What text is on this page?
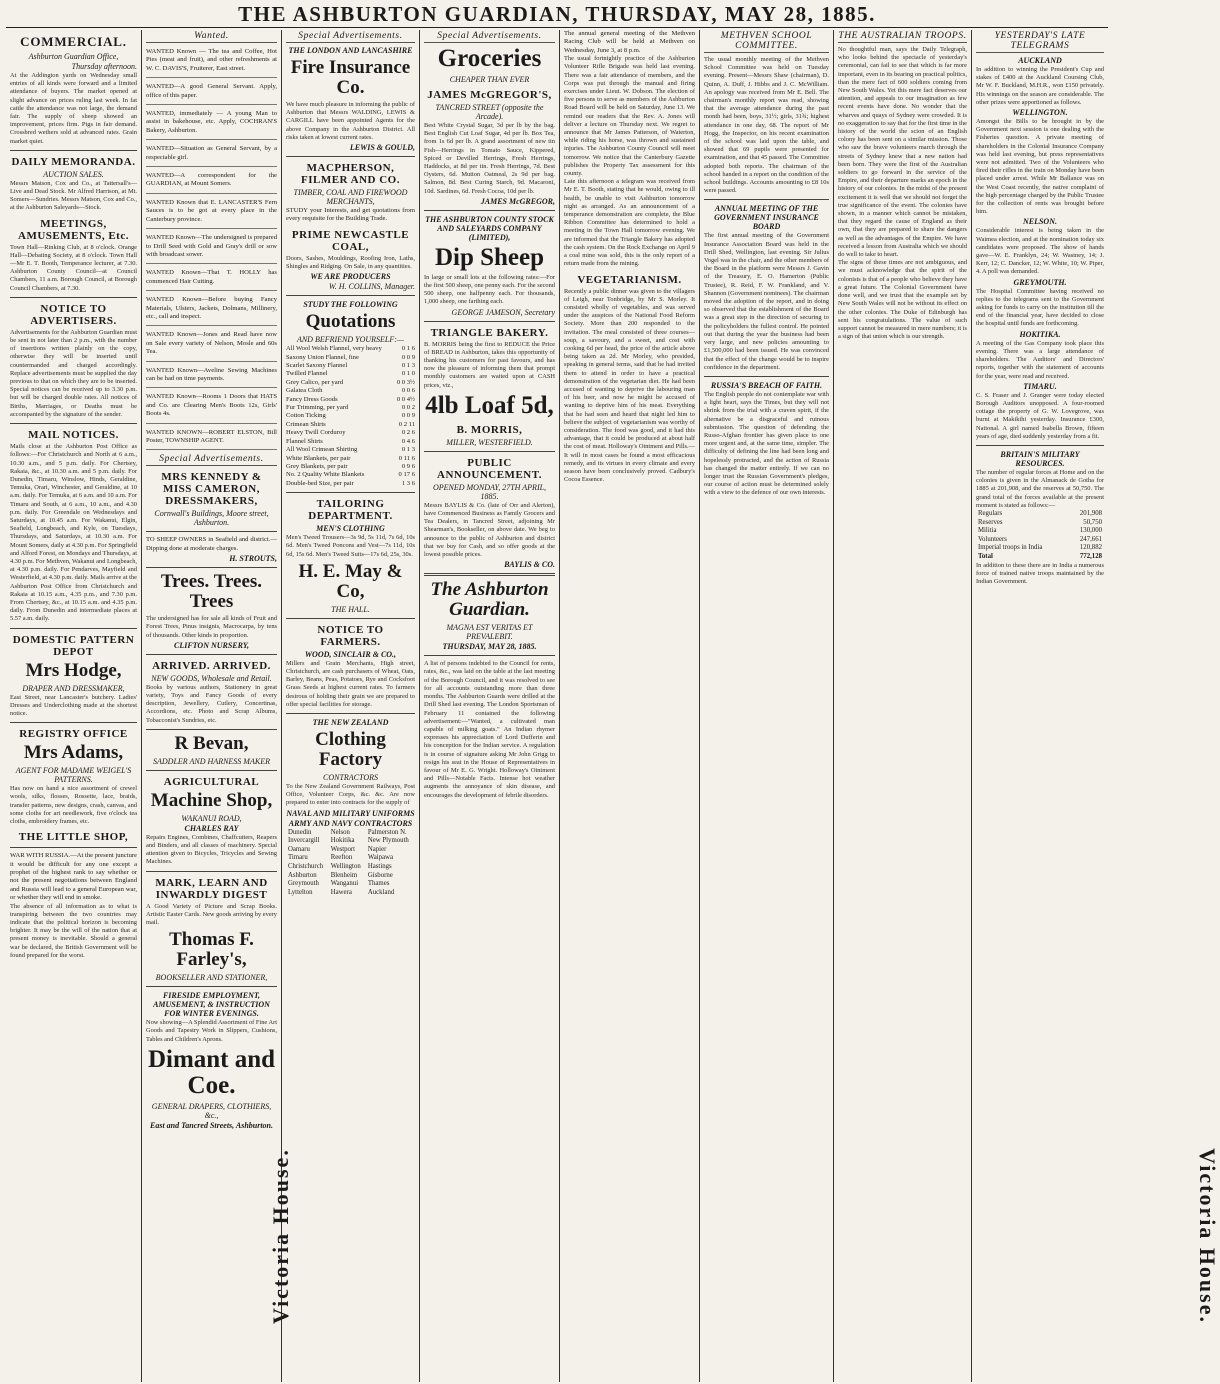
THE ASHBURTON GUARDIAN, THURSDAY, MAY 28, 1885.
COMMERCIAL.
Ashburton Guardian Office,
Thursday afternoon.
At the Addington yards on Wednesday small entries of all kinds were forward and a limited attendance of buyers. The market opened at slight advance on prices ruling last week. In fat cattle the attendance was not large, the demand fair. The supply of sheep showed an improvement, prices firm. Pigs in fair demand. Crossbred wethers sold at advanced rates. Grain market quiet.
DAILY MEMORANDA.
AUCTION SALES.
Messrs Matson, Cox and Co., at Tattersall's—Live and Dead Stock. Mr Alfred Harrison, at Mt. Somers—Sundries. Messrs Matson, Cox and Co., at the Ashburton Saleyards—Stock.
MEETINGS, AMUSEMENTS, Etc.
Town Hall—Rinking Club, at 8 o'clock. Orange Hall—Debating Society, at 8 o'clock. Town Hall—Mr E. T. Booth, Temperance lecturer, at 7.30. Ashburton County Council—at Council Chambers, 11 a.m. Borough Council, at Borough Council Chambers, at 7.30.
NOTICE TO ADVERTISERS.
Advertisements for the Ashburton Guardian must be sent in not later than 2 p.m., with the number of insertions written plainly on the copy, otherwise they will be inserted until countermanded and charged accordingly. Replace advertisements must be supplied the day previous to that on which they are to be inserted. Special notices can be received up to 3.30 p.m. but will be charged double rates. All notices of Births, Marriages, or Deaths must be accompanied by the signature of the sender.
MAIL NOTICES.
Mails close at the Ashburton Post Office as follows:—For Christchurch and North at 6 a.m., 10.30 a.m., and 5 p.m. daily. For Chertsey, Rakaia, &c., at 10.30 a.m. and 5 p.m. daily. For Dunedin, Timaru, Winslow, Hinds, Geraldine, Temuka, Orari, Winchester, and Geraldine, at 10 a.m. daily. For Temuka, at 6 a.m. and 10 a.m. For Timaru and South, at 6 a.m., 10 a.m., and 4.30 p.m. daily. For Greendale on Wednesdays and Saturdays, at 10.45 a.m. For Wakanui, Elgin, Seafield, Longbeach, and Kyle, on Tuesdays, Thursdays, and Saturdays, at 10.30 a.m. For Mount Somers, daily at 4.30 p.m. For Springfield and Alford Forest, on Mondays and Thursdays, at 4.30 p.m. For Methven, Wakanui and Longbeach, at 4.30 p.m. daily. For Pendarves, Mayfield and Westerfield, at 4.30 p.m. daily. Mails arrive at the Ashburton Post Office from Christchurch and Rakaia at 10.15 a.m., 4.35 p.m., and 7.30 p.m. From Chertsey, &c., at 10.15 a.m. and 4.35 p.m. daily. From Dunedin and intermediate places at 5.57 a.m. daily.
DOMESTIC PATTERN DEPOT
Mrs Hodge,
DRAPER AND DRESSMAKER,
East Street, near Lancaster's butchery. Ladies' Dresses and Underclothing made at the shortest notice.
REGISTRY OFFICE
Mrs Adams,
AGENT FOR MADAME WEIGEL'S PATTERNS.
Has now on hand a nice assortment of crewel wools, silks, flosses, Rossette, lace, braids, transfer patterns, new designs, crash, canvas, and some cloths for art needlework, five o'clock tea cloths, embroidery frames, etc.
THE LITTLE SHOP,
WAR WITH RUSSIA.—At the present juncture it would be difficult for any one except a prophet of the highest rank to say whether or not the present negotiations between England and Russia will lead to a general European war, or whether they will end in smoke.
The absence of all information as to what is transpiring between the two countries may indicate that the political horizon is becoming brighter. It may be the will of the nation that at present money is inevitable. Should a general war be declared, the British Government will be found prepared for the worst.
Wanted.
WANTED Known — The tea and Coffee, Hot Pies (meat and fruit), and other refreshments at W. C. DAVIS'S, Fruiterer, East street.
WANTED—A good General Servant. Apply, office of this paper.
WANTED, immediately — A young Man to assist in bakehouse, etc. Apply, COCHRAN'S Bakery, Ashburton.
WANTED—Situation as General Servant, by a respectable girl.
WANTED—A correspondent for the GUARDIAN, at Mount Somers.
WANTED Known that E. LANCASTER'S Fern Sauces is to be got at every place in the Canterbury province.
WANTED Known—The undersigned is prepared to Drill Seed with Gold and Gray's drill or sow with broadcast sower.
WANTED Known—That T. HOLLY has commenced Hair Cutting.
WANTED Known—Before buying Fancy Materials, Ulsters, Jackets, Dolmans, Millinery, etc., call and inspect.
WANTED Known—Jones and Read have now on Sale every variety of Nelson, Mosle and 60s Tea.
WANTED Known—Aveline Sewing Machines can be had on time payments.
WANTED Known—Rooms 1 Doors that HATS and Co. are Clearing Men's Boots 12s, Girls' Boots 4s.
WANTED KNOWN—ROBERT ELSTON, Bill Poster, TOWNSHIP AGENT.
Special Advertisements.
MRS KENNEDY & MISS CAMERON, DRESSMAKERS,
Cornwall's Buildings, Moore street, Ashburton.
TO SHEEP OWNERS in Seafield and district.—Dipping done at moderate charges.
H. STROUTS,
Trees. Trees. Trees
The undersigned has for sale all kinds of Fruit and Forest Trees, Pinus insignis, Macrocarpa, by tens of thousands. Other kinds in proportion.
CLIFTON NURSERY,
ARRIVED. ARRIVED.
NEW GOODS, Wholesale and Retail.
Books by various authors, Stationery in great variety, Toys and Fancy Goods of every description, Jewellery, Cutlery, Concertinas, Accordions, etc. Photo and Scrap Albums, Tobacconist's Sundries, etc.
R Bevan,
SADDLER AND HARNESS MAKER
AGRICULTURAL
Machine Shop,
WAKANUI ROAD,
CHARLES RAY
Repairs Engines, Combines, Chaffcutters, Reapers and Binders, and all classes of machinery. Special attention given to Bicycles, Tricycles and Sewing Machines.
MARK, LEARN AND INWARDLY DIGEST
A Good Variety of Picture and Scrap Books. Artistic Easter Cards. New goods arriving by every mail.
Thomas F. Farley's,
BOOKSELLER AND STATIONER,
FIRESIDE EMPLOYMENT, AMUSEMENT, & INSTRUCTION FOR WINTER EVENINGS.
Now showing—A Splendid Assortment of Fine Art Goods and Tapestry Work in Slippers, Cushions, Tables and Children's Aprons.
Dimant and Coe.
GENERAL DRAPERS, CLOTHIERS, &c.,
East and Tancred Streets, Ashburton.
Special Advertisements.
THE LONDON AND LANCASHIRE
Fire Insurance Co.
We have much pleasure in informing the public of Ashburton that Messrs WALDING, LEWIS & CARGILL have been appointed Agents for the above Company in the Ashburton District. All risks taken at lowest current rates.
LEWIS & GOULD,
MACPHERSON, FILMER AND CO.
TIMBER, COAL AND FIREWOOD MERCHANTS,
STUDY your Interests, and get quotations from every requisite for the Building Trade.
PRIME NEWCASTLE COAL,
Doors, Sashes, Mouldings, Roofing Iron, Laths, Shingles and Ridging. On Sale, in any quantities.
WE ARE PRODUCERS
W. H. COLLINS, Manager.
STUDY THE FOLLOWING
Quotations
AND BEFRIEND YOURSELF:—
All Wool Welsh Flannel, very heavy	0 1 6
Saxony Union Flannel, fine	0 0 9
Scarlet Saxony Flannel	0 1 3
Twilled Flannel	0 1 0
Grey Calico, per yard	0 0 3½
Galatea Cloth	0 0 6
Fancy Dress Goods	0 0 4½
Fur Trimming, per yard	0 0 2
Cotton Ticking	0 0 9
Crimean Shirts	0 2 11
Heavy Twill Corduroy	0 2 6
Flannel Shirts	0 4 6
All Wool Crimean Shirting	0 1 3
White Blankets, per pair	0 11 6
Grey Blankets, per pair	0 9 6
No. 2 Quality White Blankets	0 17 6
Double-bed Size, per pair	1 3 6
TAILORING DEPARTMENT.
MEN'S CLOTHING
Men's Tweed Trousers—3s 9d, 5s 11d, 7s 6d, 10s 6d. Men's Tweed Poncons and Vest—7s 11d, 10s 6d, 15s 6d. Men's Tweed Suits—17s 6d, 25s, 30s.
H. E. May & Co,
THE HALL.
NOTICE TO FARMERS.
WOOD, SINCLAIR & CO.,
Millers and Grain Merchants, High street, Christchurch, are cash purchasers of Wheat, Oats, Barley, Beans, Peas, Potatoes, Rye and Cocksfoot Grass Seeds at highest current rates. To farmers desirous of holding their grain we are prepared to offer special facilities for storage.
THE NEW ZEALAND
Clothing Factory
CONTRACTORS
To the New Zealand Government Railways, Post Office, Volunteer Corps, &c. &c. Are now prepared to enter into contracts for the supply of
NAVAL AND MILITARY UNIFORMS
ARMY AND NAVY CONTRACTORS
Dunedin	Nelson	Palmerston N.
Invercargill	Hokitika	New Plymouth
Oamaru	Westport	Napier
Timaru	Reefton	Waipawa
Christchurch	Wellington	Hastings
Ashburton	Blenheim	Gisborne
Greymouth	Wanganui	Thames
Lyttelton	Hawera	Auckland
Special Advertisements.
Groceries
CHEAPER THAN EVER
JAMES McGREGOR'S,
TANCRED STREET (opposite the Arcade).
Best White Crystal Sugar, 3d per lb by the bag. Best English Cut Loaf Sugar, 4d per lb. Box Tea, from 1s 6d per lb. A grand assortment of new tin Fish—Herrings in Tomato Sauce, Kippered, Spiced or Devilled Herrings, Fresh Herrings, Haddocks, at 8d per tin. Fresh Herrings, 7d. Best Oysters, 6d. Mutton Oatmeal, 2s 9d per bag. Salmon, 8d. Best Curing Starch, 9d. Macaroni, 10d. Sardines, 6d. Fresh Cocoa, 10d per lb.
JAMES McGREGOR,
THE ASHBURTON COUNTY STOCK AND SALEYARDS COMPANY (LIMITED),
Dip Sheep
In large or small lots at the following rates:—For the first 500 sheep, one penny each. For the second 500 sheep, one halfpenny each. For thousands, 1,000 sheep, one farthing each.
GEORGE JAMESON, Secretary
TRIANGLE BAKERY.
B. MORRIS being the first to REDUCE the Price of BREAD in Ashburton, takes this opportunity of thanking his customers for past favours, and has now the pleasure of informing them that prompt monthly customers are waited upon at CASH prices, viz.,
4lb Loaf 5d,
B. MORRIS,
MILLER, WESTERFIELD.
PUBLIC ANNOUNCEMENT.
OPENED MONDAY, 27TH APRIL, 1885.
Messrs BAYLIS & Co. (late of Orr and Alerton), have Commenced Business as Family Grocers and Tea Dealers, in Tancred Street, adjoining Mr Shearman's, Bookseller, on above date. We beg to announce to the public of Ashburton and district that we buy for Cash, and so offer goods at the lowest possible prices.
BAYLIS & CO.
The Ashburton Guardian.
MAGNA EST VERITAS ET PREVALEBIT.
THURSDAY, MAY 28, 1885.
A list of persons indebted to the Council for rents, rates, &c., was laid on the table at the last meeting of the Borough Council, and it was resolved to see for all accounts outstanding more than three months. The Ashburton Guards were drilled at the Drill Shed last evening. The London Sportsman of February 11 contained the following advertisement:—"Wanted, a cultivated man capable of milking goats." An Indian rhymer expresses his appreciation of Lord Dufferin and his conception for the Indian service. A regulation is in course of signature asking Mr John Grigg to resign his seat in the House of Representatives in favour of Mr E. G. Wright. Holloway's Ointment and Pills—Notable Facts. Intense hot weather augments the annoyance of skin disease, and encourages the development of febrile disorders.
The annual general meeting of the Methven Racing Club will be held at Methven on Wednesday, June 3, at 8 p.m.
The usual fortnightly practice of the Ashburton Volunteer Rifle Brigade was held last evening. There was a fair attendance of members, and the Corps was put through the manual and firing exercises under Lieut. W. Dobson. The election of five persons to serve as members of the Ashburton Road Board will be held on Saturday, June 13. We remind our readers that the Rev. A. Jones will deliver a lecture on Thursday next. We regret to announce that Mr James Patterson, of Waterton, while riding his horse, was thrown and sustained injuries. The Ashburton County Council will meet tomorrow. We notice that the Canterbury Gazette publishes the Property Tax assessment for this county.
Late this afternoon a telegram was received from Mr E. T. Booth, stating that he would, owing to ill health, be unable to visit Ashburton tomorrow night as arranged. As an announcement of a temperance demonstration are complete, the Blue Ribbon Committee has determined to hold a meeting in the Town Hall tomorrow evening. We are informed that the Triangle Bakery has adopted the cash system. On the Rock Exchange on April 9 a coal mine was sold, this is the only report of a return made from the mining.
VEGETARIANISM.
Recently a public dinner was given to the villagers of Leigh, near Tonbridge, by Mr S. Morley. It consisted wholly of vegetables, and was served under the auspices of the National Food Reform Society. More than 200 responded to the invitation. The meal consisted of three courses—soup, a savoury, and a sweet, and cost with cooking 6d per head, the price of the article above being taken as 2d. Mr Morley, who presided, speaking in general terms, said that he had invited them to attend in order to have a practical demonstration of the vegetarian diet. He had been accused of wanting to deprive the labouring man of his beer, and now he might be accused of wanting to deprive him of his meat. Everything that he had seen and heard that night led him to believe the subject of vegetarianism was worthy of consideration. The food was good, and it had this advantage, that it could be produced at about half the cost of meat. Holloway's Ointment and Pills.—It will in most cases be found a most efficacious remedy, and its virtues in every climate and every season have been conclusively proved. Cadbury's Cocoa Essence.
METHVEN SCHOOL COMMITTEE.
The usual monthly meeting of the Methven School Committee was held on Tuesday evening. Present—Messrs Shaw (chairman), D. Quinn, A. Duff, J. Hibbs and J. C. McWilliam. An apology was received from Mr E. Bell. The chairman's monthly report was read, showing that the average attendance during the past month had been, boys, 31½; girls, 31¾; highest attendance in one day, 68. The report of Mr Hogg, the Inspector, on his recent examination of the school was laid upon the table, and showed that 69 pupils were presented for examination, and that 45 passed. The Committee adopted both reports. The chairman of the school handed in a report on the condition of the school buildings. Accounts amounting to £8 10s were passed.
ANNUAL MEETING OF THE GOVERNMENT INSURANCE BOARD
The first annual meeting of the Government Insurance Association Board was held in the Drill Shed, Wellington, last evening. Sir Julius Vogel was in the chair, and the other members of the Board in the platform were Messrs J. Gavin of the Treasury, E. O. Hamerton (Public Trustee), R. Reid, F. W. Frankland, and V. Shannon (Government nominees). The chairman moved the adoption of the report, and in doing so observed that the establishment of the Board was a great step in the direction of securing to the policyholders the fullest control. He pointed out that during the year the business had been very large, and new policies amounting to £1,500,000 had been issued. He was convinced that the effect of the change would be to inspire confidence in the department.
RUSSIA'S BREACH OF FAITH.
The English people do not contemplate war with a light heart, says the Times, but they will not shrink from the trial with a craven spirit, if the alternative be a disgraceful and ruinous submission. The question of defending the Russo-Afghan frontier has given place to one more urgent and, at the same time, simpler. The difficulty of defining the line had been long and hopelessly protracted, and the action of Russia has changed the matter entirely. If we can no longer trust the Russian Government's pledges, our course of action must be determined solely with a view to the defence of our own interests.
THE AUSTRALIAN TROOPS.
No thoughtful man, says the Daily Telegraph, who looks behind the spectacle of yesterday's ceremonial, can fail to see that which is far more important, even in its bearing on practical politics, than the mere fact of 600 soldiers coming from New South Wales. Yet this mere fact deserves our attention, and appeals to our imagination as few recent events have done. No wonder that the wharves and quays of Sydney were crowded. It is no exaggeration to say that for the first time in the history of the world the scion of an English colony has been sent on a similar mission. Those who saw the brave volunteers march through the streets of Sydney knew that a new nation had been born. They were the first of the Australian soldiers to go forward in the service of the Empire, and their departure marks an epoch in the history of our colonies. In the midst of the present excitement it is well that we should not forget the true significance of the event. The colonies have shown, in a manner which cannot be mistaken, that they regard the cause of England as their own, that they are prepared to share the dangers as well as the advantages of the Empire. We have received a lesson from Australia which we should do well to take to heart.
The signs of these times are not ambiguous, and we must acknowledge that the spirit of the colonists is that of a people who believe they have a great future. The Colonial Government have done well, and we trust that the example set by New South Wales will not be without its effect on the other colonies. The Duke of Edinburgh has sent his congratulations. The value of such support cannot be measured in mere numbers; it is a sign of that union which is our strength.
YESTERDAY'S LATE TELEGRAMS
AUCKLAND
In addition to winning the President's Cup and stakes of £400 at the Auckland Coursing Club, Mr W. F. Buckland, M.H.R., won £150 privately. His winnings on the season are considerable. The other prizes were apportioned as follows.
WELLINGTON.
Amongst the Bills to be brought in by the Government next session is one dealing with the Fisheries question. A private meeting of shareholders in the Colonial Insurance Company was held last evening, but press representatives were not admitted. Two of the Volunteers who fired their rifles in the train on Monday have been placed under arrest. While Mr Ballance was on the West Coast recently, the native complaint of the high percentage charged by the Public Trustee for the collection of rents was brought before him.
NELSON.
Considerable interest is being taken in the Waimea election, and at the nomination today six candidates were proposed. The show of hands gave—W. E. Franklyn, 24; W. Wastney, 14; J. Kerr, 12; C. Dancker, 12; W. White, 10; W. Piper, 4. A poll was demanded.
GREYMOUTH.
The Hospital Committee having received no replies to the telegrams sent to the Government asking for funds to carry on the institution till the end of the financial year, have decided to close the hospital until funds are forthcoming.
HOKITIKA.
A meeting of the Gas Company took place this evening. There was a large attendance of shareholders. The Auditors' and Directors' reports, together with the statement of accounts for the year, were read and received.
TIMARU.
C. S. Fraser and J. Granger were today elected Borough Auditors unopposed. A four-roomed cottage the property of G. W. Lovegrove, was burnt at Makikihi yesterday. Insurance £300, National. A girl named Isabella Brown, fifteen years of age, died suddenly yesterday from a fit.
BRITAIN'S MILITARY RESOURCES.
The number of regular forces at Home and on the colonies is given in the Almanack de Gotha for 1885 at 201,908, and the reserves at 50,750. The grand total of the forces available at the present moment is stated as follows:—
Regulars	201,908
Reserves	50,750
Militia	130,000
Volunteers	247,661
Imperial troops in India	120,882
Total	772,128
In addition to these there are in India a numerous force of trained native troops maintained by the Indian Government.
Victoria House.	Victoria House.
